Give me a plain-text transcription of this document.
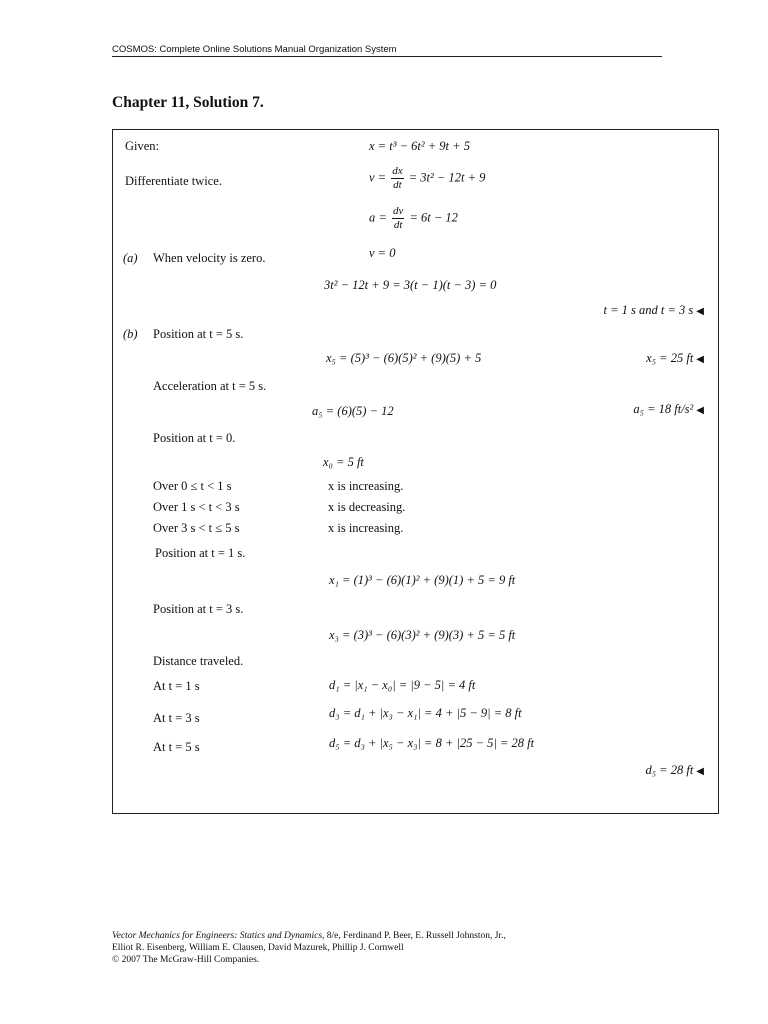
COSMOS: Complete Online Solutions Manual Organization System
Chapter 11, Solution 7.
Given:	x = t³ − 6t² + 9t + 5
Differentiate twice.	$v = \frac{dx}{dt} = 3t^2 - 12t + 9$
$a = \frac{dv}{dt} = 6t - 12$
v = 0
(a) When velocity is zero.
3t² − 12t + 9 = 3(t − 1)(t − 3) = 0
t = 1 s and t = 3 s ◀
(b) Position at t = 5 s.
x₅ = (5)³ − (6)(5)² + (9)(5) + 5	x₅ = 25 ft ◀
Acceleration at t = 5 s.
a₅ = (6)(5) − 12	a₅ = 18 ft/s² ◀
Position at t = 0.
x₀ = 5 ft
Over 0 ≤ t < 1 s	x is increasing.
Over 1 s < t < 3 s	x is decreasing.
Over 3 s < t ≤ 5 s	x is increasing.
Position at t = 1 s.
x₁ = (1)³ − (6)(1)² + (9)(1) + 5 = 9 ft
Position at t = 3 s.
x₃ = (3)³ − (6)(3)² + (9)(3) + 5 = 5 ft
Distance traveled.
At t = 1 s	d₁ = |x₁ − x₀| = |9 − 5| = 4 ft
At t = 3 s	d₃ = d₁ + |x₃ − x₁| = 4 + |5 − 9| = 8 ft
At t = 5 s	d₅ = d₃ + |x₅ − x₃| = 8 + |25 − 5| = 28 ft
d₅ = 28 ft ◀
Vector Mechanics for Engineers: Statics and Dynamics, 8/e, Ferdinand P. Beer, E. Russell Johnston, Jr.,
Elliot R. Eisenberg, William E. Clausen, David Mazurek, Phillip J. Cornwell
© 2007 The McGraw-Hill Companies.
